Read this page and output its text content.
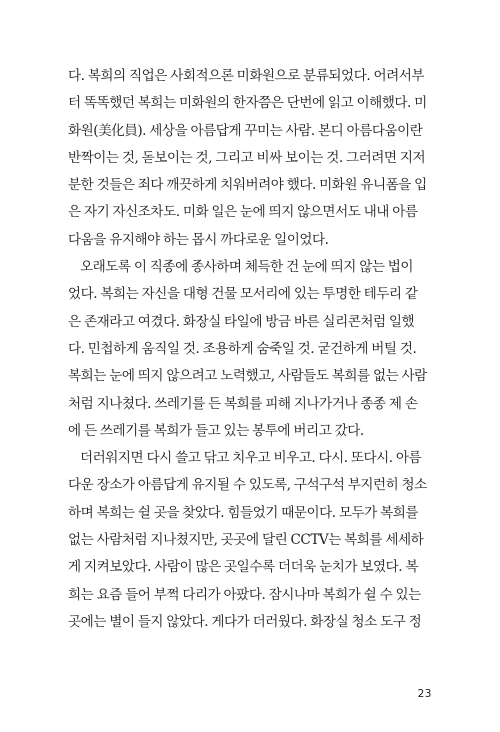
다. 복희의 직업은 사회적으론 미화원으로 분류되었다. 어려서부
터 똑똑했던 복희는 미화원의 한자쯤은 단번에 읽고 이해했다. 미
화원(美化員). 세상을 아름답게 꾸미는 사람. 본디 아름다움이란
반짝이는 것, 돋보이는 것, 그리고 비싸 보이는 것. 그러려면 지저
분한 것들은 죄다 깨끗하게 치워버려야 했다. 미화원 유니폼을 입
은 자기 자신조차도. 미화 일은 눈에 띄지 않으면서도 내내 아름
다움을 유지해야 하는 몹시 까다로운 일이었다.
오래도록 이 직종에 종사하며 체득한 건 눈에 띄지 않는 법이
었다. 복희는 자신을 대형 건물 모서리에 있는 투명한 테두리 같
은 존재라고 여겼다. 화장실 타일에 방금 바른 실리콘처럼 일했
다. 민첩하게 움직일 것. 조용하게 숨죽일 것. 굳건하게 버틸 것.
복희는 눈에 띄지 않으려고 노력했고, 사람들도 복희를 없는 사람
처럼 지나쳤다. 쓰레기를 든 복희를 피해 지나가거나 종종 제 손
에 든 쓰레기를 복희가 들고 있는 봉투에 버리고 갔다.
더러워지면 다시 쓸고 닦고 치우고 비우고. 다시. 또다시. 아름
다운 장소가 아름답게 유지될 수 있도록, 구석구석 부지런히 청소
하며 복희는 쉴 곳을 찾았다. 힘들었기 때문이다. 모두가 복희를
없는 사람처럼 지나쳤지만, 곳곳에 달린 CCTV는 복희를 세세하
게 지켜보았다. 사람이 많은 곳일수록 더더욱 눈치가 보였다. 복
희는 요즘 들어 부쩍 다리가 아팠다. 잠시나마 복희가 쉴 수 있는
곳에는 별이 들지 않았다. 게다가 더러웠다. 화장실 청소 도구 정
23
